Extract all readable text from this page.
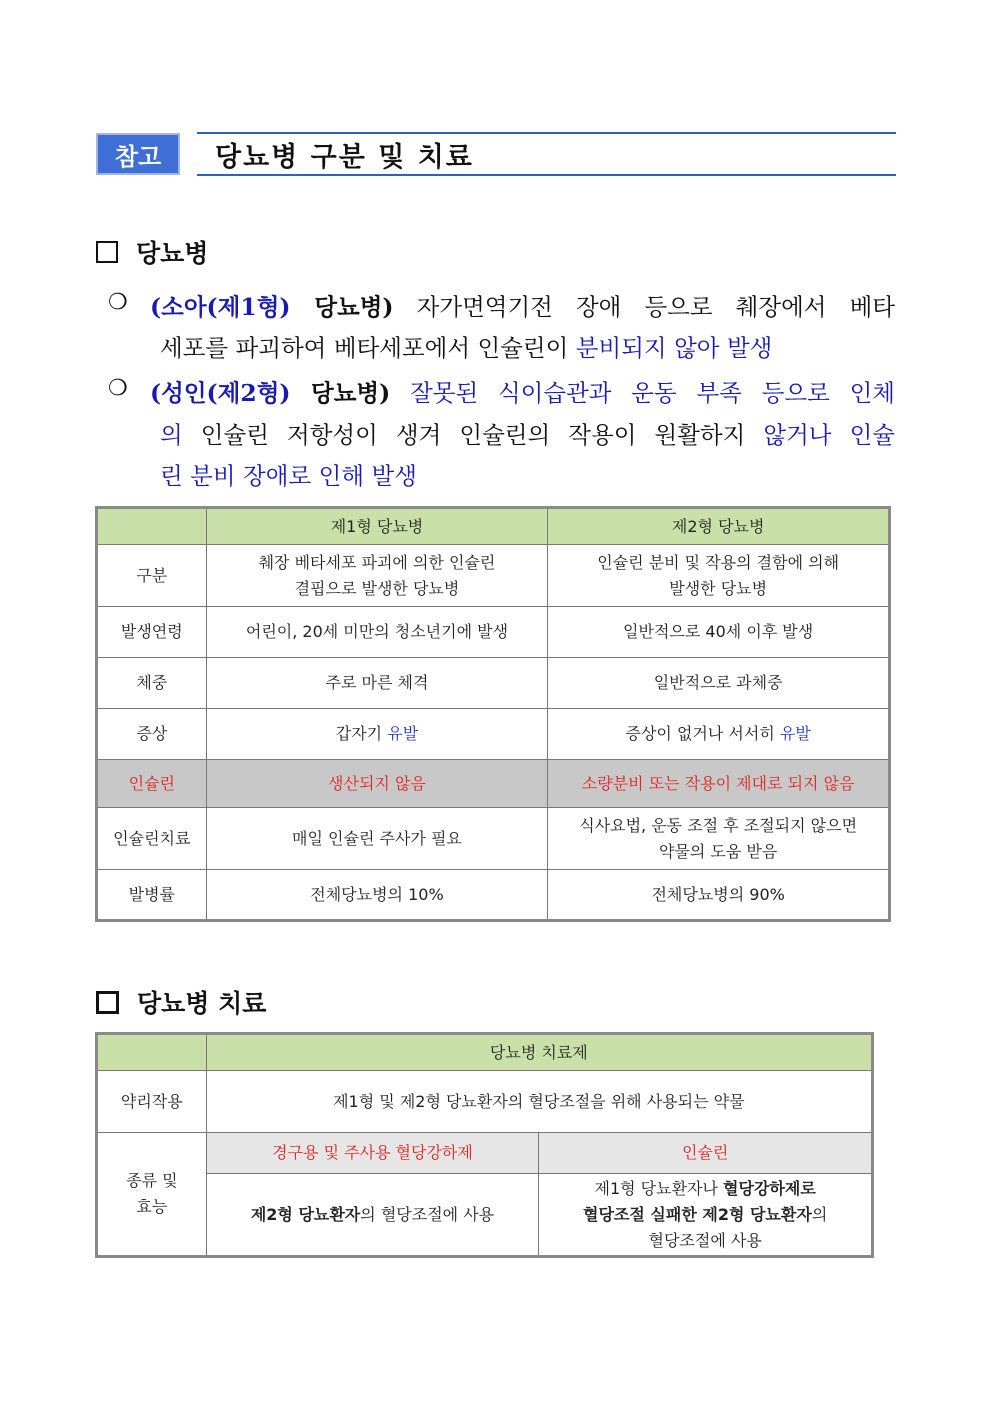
참고	당뇨병 구분 및 치료
당뇨병
❍ (소아(제1형) 당뇨병) 자가면역기전 장애 등으로 췌장에서 베타
세포를 파괴하여 베타세포에서 인슐린이 분비되지 않아 발생
❍ (성인(제2형) 당뇨병) 잘못된 식이습관과 운동 부족 등으로 인체
의 인슐린 저항성이 생겨 인슐린의 작용이 원활하지 않거나 인슐
린 분비 장애로 인해 발생
	제1형 당뇨병	제2형 당뇨병
구분	췌장 베타세포 파괴에 의한 인슐린
결핍으로 발생한 당뇨병	인슐린 분비 및 작용의 결함에 의해
발생한 당뇨병
발생연령	어린이, 20세 미만의 청소년기에 발생	일반적으로 40세 이후 발생
체중	주로 마른 체격	일반적으로 과체중
증상	갑자기 유발	증상이 없거나 서서히 유발
인슐린	생산되지 않음	소량분비 또는 작용이 제대로 되지 않음
인슐린치료	매일 인슐린 주사가 필요	식사요법, 운동 조절 후 조절되지 않으면
약물의 도움 받음
발병률	전체당뇨병의 10%	전체당뇨병의 90%
당뇨병 치료
	당뇨병 치료제	
약리작용	제1형 및 제2형 당뇨환자의 혈당조절을 위해 사용되는 약물	
종류 및
효능	경구용 및 주사용 혈당강하제	인슐린
	제2형 당뇨환자의 혈당조절에 사용	제1형 당뇨환자나 혈당강하제로
혈당조절 실패한 제2형 당뇨환자의
혈당조절에 사용
